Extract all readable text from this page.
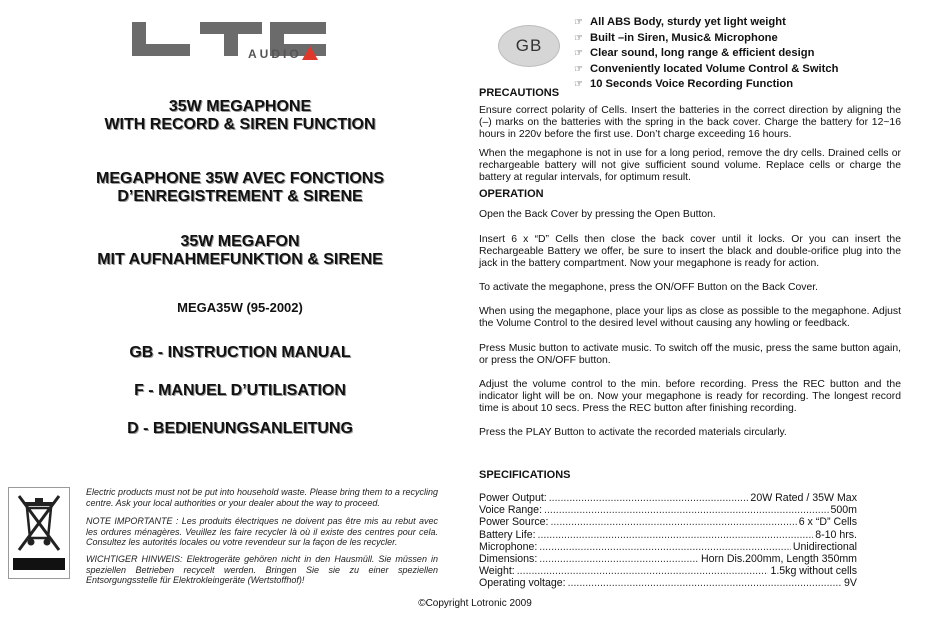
AUDIO
35W MEGAPHONE
WITH RECORD & SIREN FUNCTION
MEGAPHONE 35W AVEC FONCTIONS
D’ENREGISTREMENT & SIRENE
35W MEGAFON
MIT AUFNAHMEFUNKTION & SIRENE
MEGA35W (95-2002)
GB - INSTRUCTION MANUAL
F - MANUEL D’UTILISATION
D - BEDIENUNGSANLEITUNG
Electric products must not be put into household waste. Please bring them to a recycling centre. Ask your local authorities or your dealer about the way to proceed.
NOTE IMPORTANTE : Les produits électriques ne doivent pas être mis au rebut avec les ordures ménagères. Veuillez les faire recycler là où il existe des centres pour cela. Consultez les autorités locales ou votre revendeur sur la façon de les recycler.
WICHTIGER HINWEIS: Elektrogeräte gehören nicht in den Hausmüll. Sie müssen in speziellen Betrieben recycelt werden. Bringen Sie sie zu einer speziellen Entsorgungsstelle für Elektrokleingeräte (Wertstoffhof)!
©Copyright Lotronic 2009
GB
☞ All ABS Body, sturdy yet light weight
☞ Built –in Siren, Music& Microphone
☞ Clear sound, long range & efficient design
☞ Conveniently located Volume Control & Switch
☞ 10 Seconds Voice Recording Function
PRECAUTIONS
Ensure correct polarity of Cells. Insert the batteries in the correct direction by aligning the (–) marks on the batteries with the spring in the back cover. Charge the battery for 12~16 hours in 220v before the first use. Don’t charge exceeding 16 hours.
When the megaphone is not in use for a long period, remove the dry cells. Drained cells or rechargeable battery will not give sufficient sound volume. Replace cells or charge the battery at regular intervals, for optimum result.
OPERATION
Open the Back Cover by pressing the Open Button.
Insert 6 x “D” Cells then close the back cover until it locks. Or you can insert the Rechargeable Battery we offer, be sure to insert the black and double-orifice plug into the jack in the battery compartment. Now your megaphone is ready for action.
To activate the megaphone, press the ON/OFF Button on the Back Cover.
When using the megaphone, place your lips as close as possible to the megaphone. Adjust the Volume Control to the desired level without causing any howling or feedback.
Press Music button to activate music. To switch off the music, press the same button again, or press the ON/OFF button.
Adjust the volume control to the min. before recording. Press the REC button and the indicator light will be on. Now your megaphone is ready for recording. The longest record time is about 10 secs. Press the REC button after finishing recording.
Press the PLAY Button to activate the recorded materials circularly.
SPECIFICATIONS
Power Output: .....	20W Rated / 35W Max
Voice Range: .....	500m
Power Source: .....	6 x “D” Cells
Battery Life: .....	8-10 hrs.
Microphone: .....	Unidirectional
Dimensions: .....	Horn Dis.200mm, Length 350mm
Weight: .....	1.5kg without cells
Operating voltage: .....	9V
